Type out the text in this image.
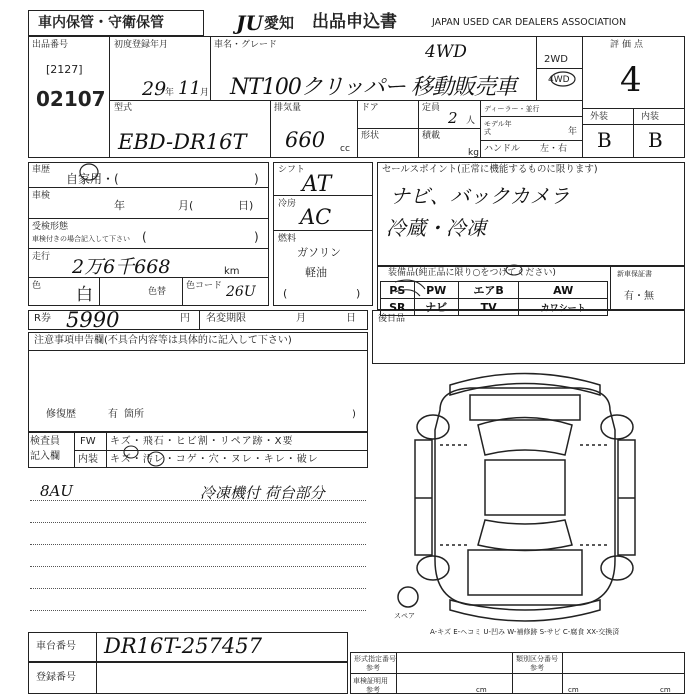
車内保管・守衛保管	JU 愛知 出品申込書	JAPAN USED CAR DEALERS ASSOCIATION
出品番号
[2127]
02107
初度登録年月
29
年 11 月
車名・グレード	4WD
NT100クリッパー 移動販売車
2WD
4WD
評価点
4
外装	内装
B B
型式
EBD-DR16T
排気量
660 cc
ドア
形状
定員
2 人
積載
kg
ディーラー・並行
モデル年式	年
ハンドル 左・右
車歴
自家用・(	)
車検
年	月(	日)
受検形態
車検付きの場合記入して下さい (	)
走行 2万6千668	km
色 白	色替
色コード 26U
シフト
AT
冷房
AC
燃料
ガソリン
軽油
(	)
セールスポイント(正常に機能するものに限ります)
ナビ、バックカメラ
冷蔵・冷凍
装備品(純正品に限り○をつけてください)
PS	PW	エアB	AW
SR	ナビ	TV	カワシート
新車保証書
有・無
R券 5990	円 名変期限	月	日 後日品
注意事項申告欄(不具合内容等は具体的に記入して下さい)
修復歴	有 箇所	)
検査員
記入欄
FW キズ・飛石・ヒビ割・リペア跡・X要
内装 キズ・汚レ・コゲ・穴・ヌレ・キレ・破レ
8AU	冷凍機付 荷台部分
スペア
A-キズ E-ヘコミ U-凹み W-補修跡 S-サビ C-腐食 XX-交換済
車台番号 DR16T-257457
登録番号
形式指定番号
参考
類別区分番号
参考
車検証明用
参考	cm	cm	cm
